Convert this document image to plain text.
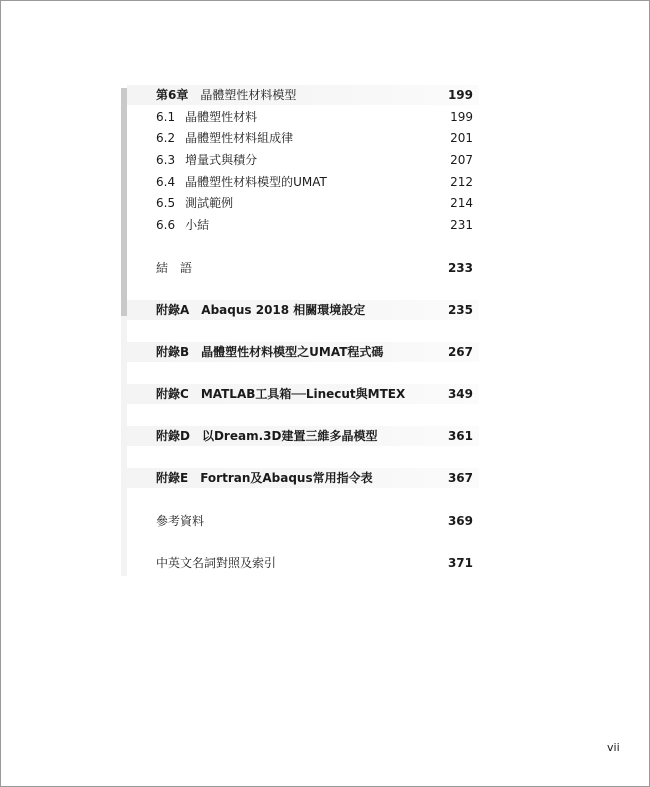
第6章 晶體塑性材料模型	199
6.1 晶體塑性材料	199
6.2 晶體塑性材料組成律	201
6.3 增量式與積分	207
6.4 晶體塑性材料模型的UMAT	212
6.5 測試範例	214
6.6 小結	231
結　語	233
附錄A Abaqus 2018 相關環境設定	235
附錄B 晶體塑性材料模型之UMAT程式碼	267
附錄C MATLAB工具箱──Linecut與MTEX	349
附錄D 以Dream.3D建置三維多晶模型	361
附錄E Fortran及Abaqus常用指令表	367
參考資料	369
中英文名詞對照及索引	371
vii
